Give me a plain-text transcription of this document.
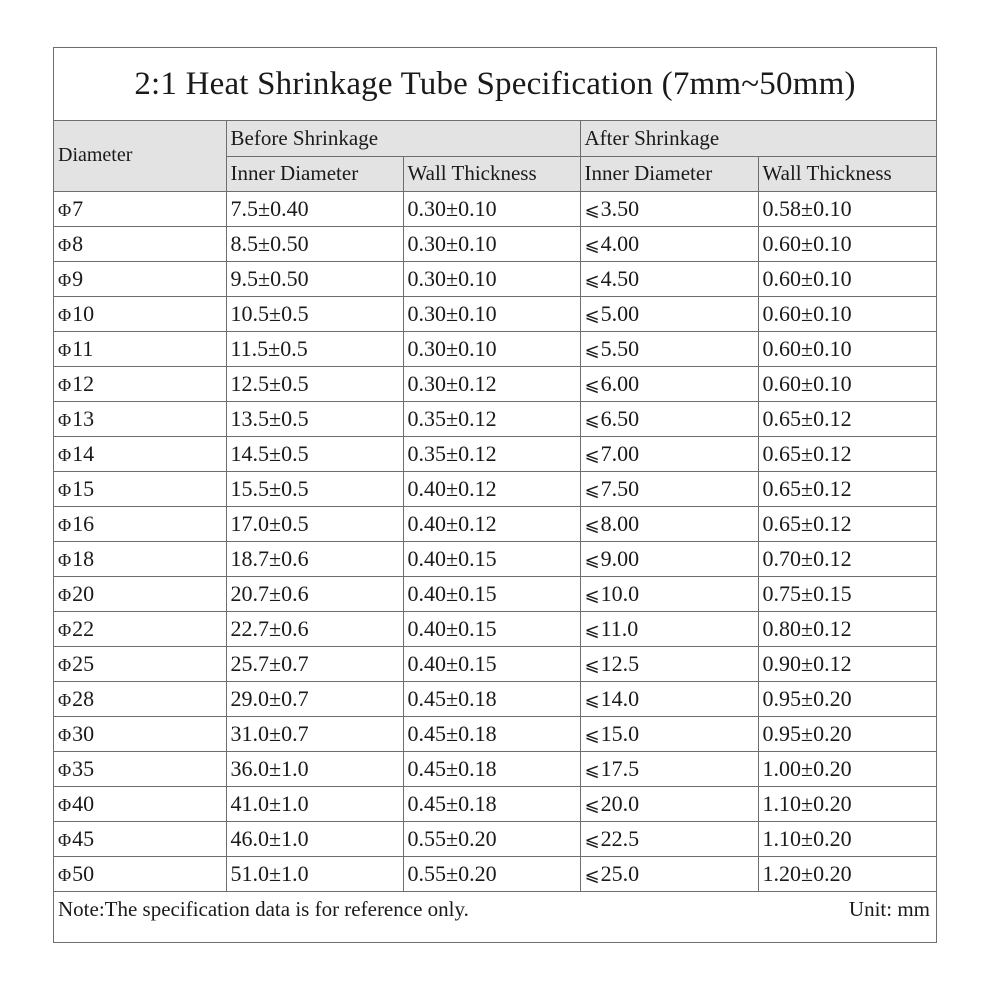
2:1 Heat Shrinkage Tube Specification (7mm~50mm)
Diameter	Before Shrinkage		After Shrinkage	
	Inner Diameter	Wall Thickness	Inner Diameter	Wall Thickness
Φ7	7.5±0.40	0.30±0.10	⩽3.50	0.58±0.10
Φ8	8.5±0.50	0.30±0.10	⩽4.00	0.60±0.10
Φ9	9.5±0.50	0.30±0.10	⩽4.50	0.60±0.10
Φ10	10.5±0.5	0.30±0.10	⩽5.00	0.60±0.10
Φ11	11.5±0.5	0.30±0.10	⩽5.50	0.60±0.10
Φ12	12.5±0.5	0.30±0.12	⩽6.00	0.60±0.10
Φ13	13.5±0.5	0.35±0.12	⩽6.50	0.65±0.12
Φ14	14.5±0.5	0.35±0.12	⩽7.00	0.65±0.12
Φ15	15.5±0.5	0.40±0.12	⩽7.50	0.65±0.12
Φ16	17.0±0.5	0.40±0.12	⩽8.00	0.65±0.12
Φ18	18.7±0.6	0.40±0.15	⩽9.00	0.70±0.12
Φ20	20.7±0.6	0.40±0.15	⩽10.0	0.75±0.15
Φ22	22.7±0.6	0.40±0.15	⩽11.0	0.80±0.12
Φ25	25.7±0.7	0.40±0.15	⩽12.5	0.90±0.12
Φ28	29.0±0.7	0.45±0.18	⩽14.0	0.95±0.20
Φ30	31.0±0.7	0.45±0.18	⩽15.0	0.95±0.20
Φ35	36.0±1.0	0.45±0.18	⩽17.5	1.00±0.20
Φ40	41.0±1.0	0.45±0.18	⩽20.0	1.10±0.20
Φ45	46.0±1.0	0.55±0.20	⩽22.5	1.10±0.20
Φ50	51.0±1.0	0.55±0.20	⩽25.0	1.20±0.20
Note:The specification data is for reference only.	Unit: mm
